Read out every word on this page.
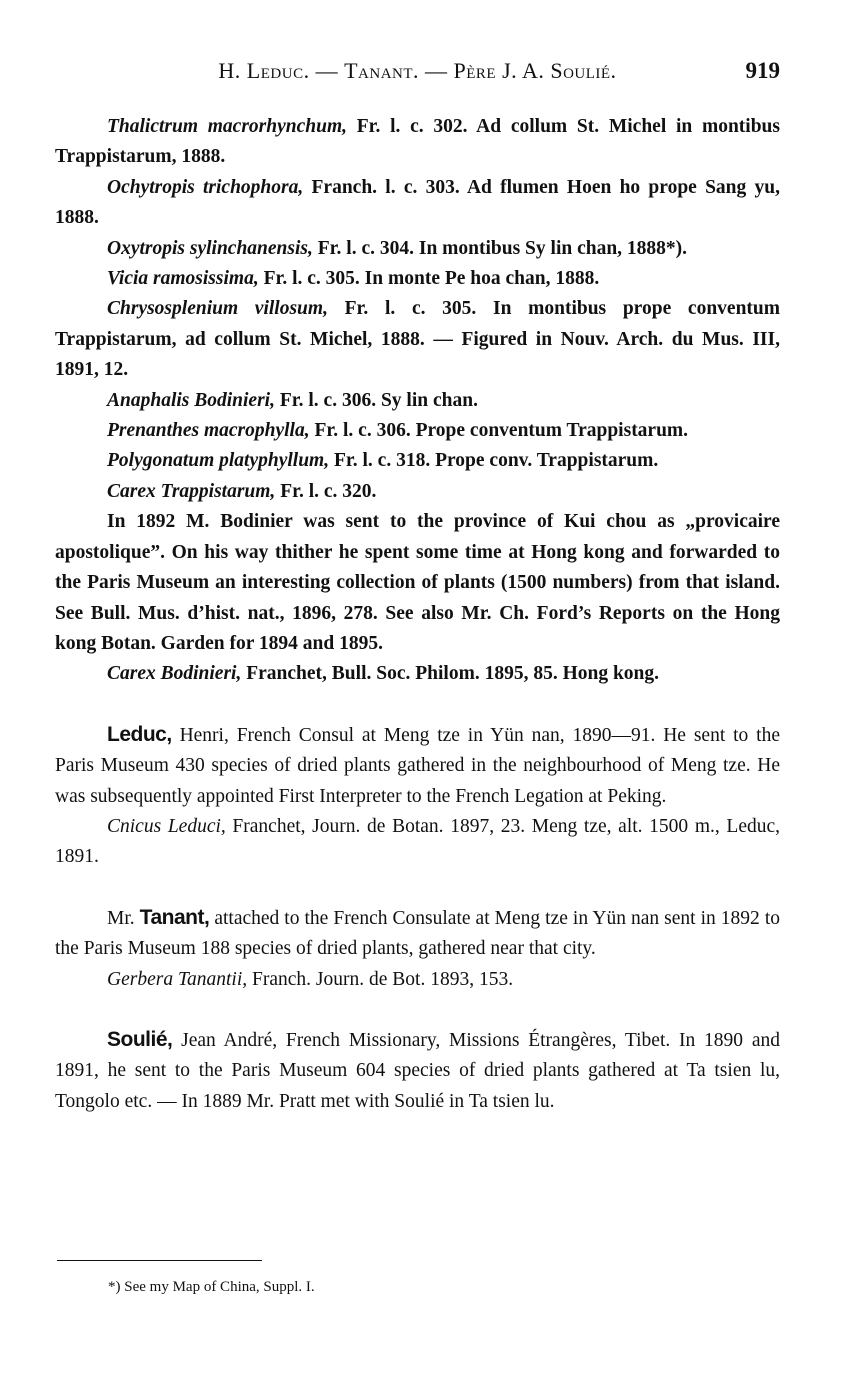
H. Leduc. — Tanant. — Père J. A. Soulié.	919

Thalictrum macrorhynchum, Fr. l. c. 302. Ad collum St. Michel in montibus Trappistarum, 1888.

Ochytropis trichophora, Franch. l. c. 303. Ad flumen Hoen ho prope Sang yu, 1888.

Oxytropis sylinchanensis, Fr. l. c. 304. In montibus Sy lin chan, 1888*).

Vicia ramosissima, Fr. l. c. 305. In monte Pe hoa chan, 1888.

Chrysosplenium villosum, Fr. l. c. 305. In montibus prope conventum Trappistarum, ad collum St. Michel, 1888. — Figured in Nouv. Arch. du Mus. III, 1891, 12.

Anaphalis Bodinieri, Fr. l. c. 306. Sy lin chan.

Prenanthes macrophylla, Fr. l. c. 306. Prope conventum Trappistarum.

Polygonatum platyphyllum, Fr. l. c. 318. Prope conv. Trappistarum.

Carex Trappistarum, Fr. l. c. 320.

In 1892 M. Bodinier was sent to the province of Kui chou as „provicaire apostolique”. On his way thither he spent some time at Hong kong and forwarded to the Paris Museum an interesting collection of plants (1500 numbers) from that island. See Bull. Mus. d’hist. nat., 1896, 278. See also Mr. Ch. Ford’s Reports on the Hong kong Botan. Garden for 1894 and 1895.

Carex Bodinieri, Franchet, Bull. Soc. Philom. 1895, 85. Hong kong.

Leduc, Henri, French Consul at Meng tze in Yün nan, 1890—91. He sent to the Paris Museum 430 species of dried plants gathered in the neighbourhood of Meng tze. He was subsequently appointed First Interpreter to the French Legation at Peking.

Cnicus Leduci, Franchet, Journ. de Botan. 1897, 23. Meng tze, alt. 1500 m., Leduc, 1891.

Mr. Tanant, attached to the French Consulate at Meng tze in Yün nan sent in 1892 to the Paris Museum 188 species of dried plants, gathered near that city.

Gerbera Tanantii, Franch. Journ. de Bot. 1893, 153.

Soulié, Jean André, French Missionary, Missions Étrangères, Tibet. In 1890 and 1891, he sent to the Paris Museum 604 species of dried plants gathered at Ta tsien lu, Tongolo etc. — In 1889 Mr. Pratt met with Soulié in Ta tsien lu.

*) See my Map of China, Suppl. I.
